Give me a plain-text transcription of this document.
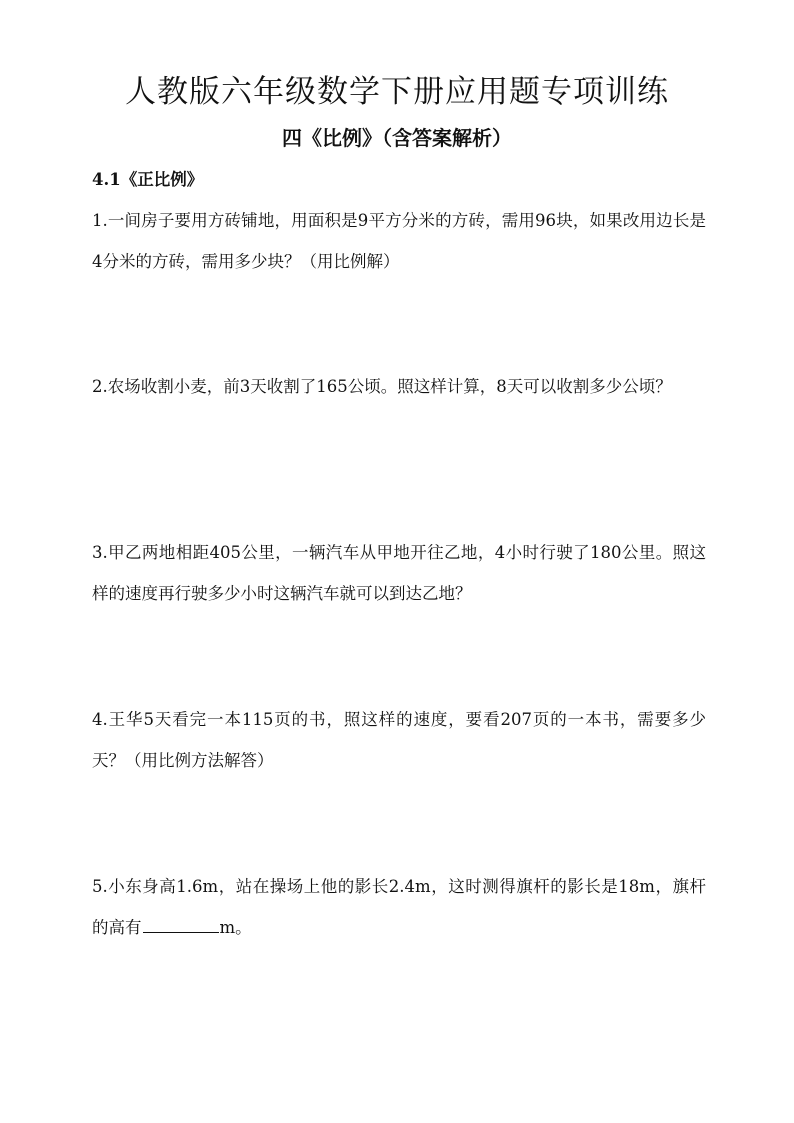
人教版六年级数学下册应用题专项训练
四《比例》（含答案解析）
4.1《正比例》
1.一间房子要用方砖铺地，用面积是9平方分米的方砖，需用96块，如果改用边长是4分米的方砖，需用多少块？（用比例解）
2.农场收割小麦，前3天收割了165公顷。照这样计算，8天可以收割多少公顷？
3.甲乙两地相距405公里，一辆汽车从甲地开往乙地，4小时行驶了180公里。照这样的速度再行驶多少小时这辆汽车就可以到达乙地？
4.王华5天看完一本115页的书，照这样的速度，要看207页的一本书，需要多少天？（用比例方法解答）
5.小东身高1.6m，站在操场上他的影长2.4m，这时测得旗杆的影长是18m，旗杆的高有	m。
